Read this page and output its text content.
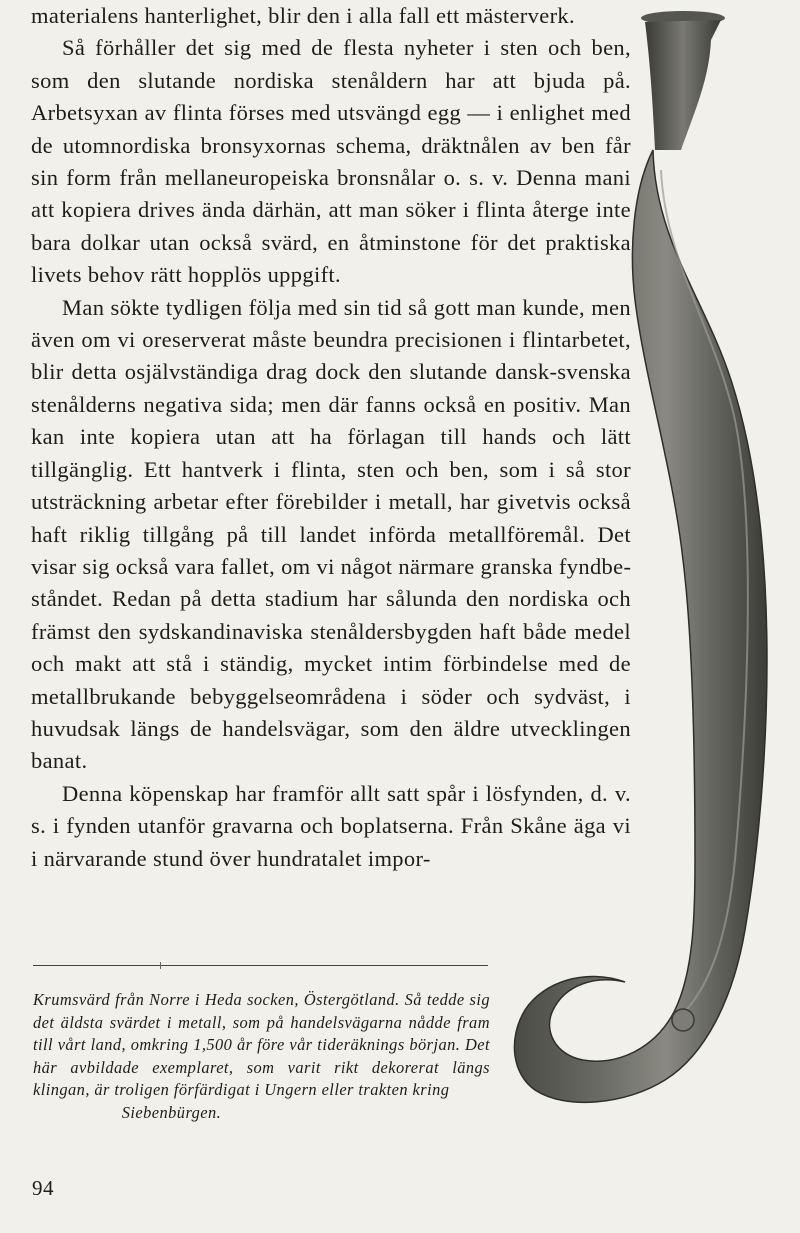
materialens hanterlighet, blir den i alla fall ett mästerverk.

Så förhåller det sig med de flesta nyheter i sten och ben, som den slutande nordiska stenåldern har att bjuda på. Arbetsyxan av flinta förses med utsvängd egg — i enlighet med de utomnordiska bronsyxornas schema, dräktnålen av ben får sin form från mellaneuropeiska bronsnålar o. s. v. Denna mani att kopiera drives ända därhän, att man söker i flinta återge inte bara dolkar utan också svärd, en åtminstone för det praktiska livets behov rätt hopplös uppgift.

Man sökte tydligen följa med sin tid så gott man kunde, men även om vi oreserverat måste beundra precisionen i flintarbetet, blir detta osjälvständiga drag dock den slutande dansk-svenska stenålderns negativa sida; men där fanns också en positiv. Man kan inte kopiera utan att ha förlagan till hands och lätt tillgänglig. Ett hantverk i flinta, sten och ben, som i så stor utsträckning arbetar efter förebilder i metall, har givetvis också haft riklig tillgång på till landet införda metallföremål. Det visar sig också vara fallet, om vi något närmare granska fyndbeståndet. Redan på detta stadium har sålunda den nordiska och främst den sydskandinaviska stenåldersbygden haft både medel och makt att stå i ständig, mycket intim förbindelse med de metallbrukande bebyggelseområdena i söder och sydväst, i huvudsak längs de handelsvägar, som den äldre utvecklingen banat.

Denna köpenskap har framför allt satt spår i lösfynden, d. v. s. i fynden utanför gravarna och boplatserna. Från Skåne äga vi i närvarande stund över hundratalet impor-

Krumsvärd från Norre i Heda socken, Östergötland. Så tedde sig det äldsta svärdet i metall, som på handelsvägarna nådde fram till vårt land, omkring 1,500 år före vår tideräknings början. Det här avbildade exemplaret, som varit rikt dekorerat längs klingan, är troligen förfärdigat i Ungern eller trakten kring
Siebenbürgen.

94
